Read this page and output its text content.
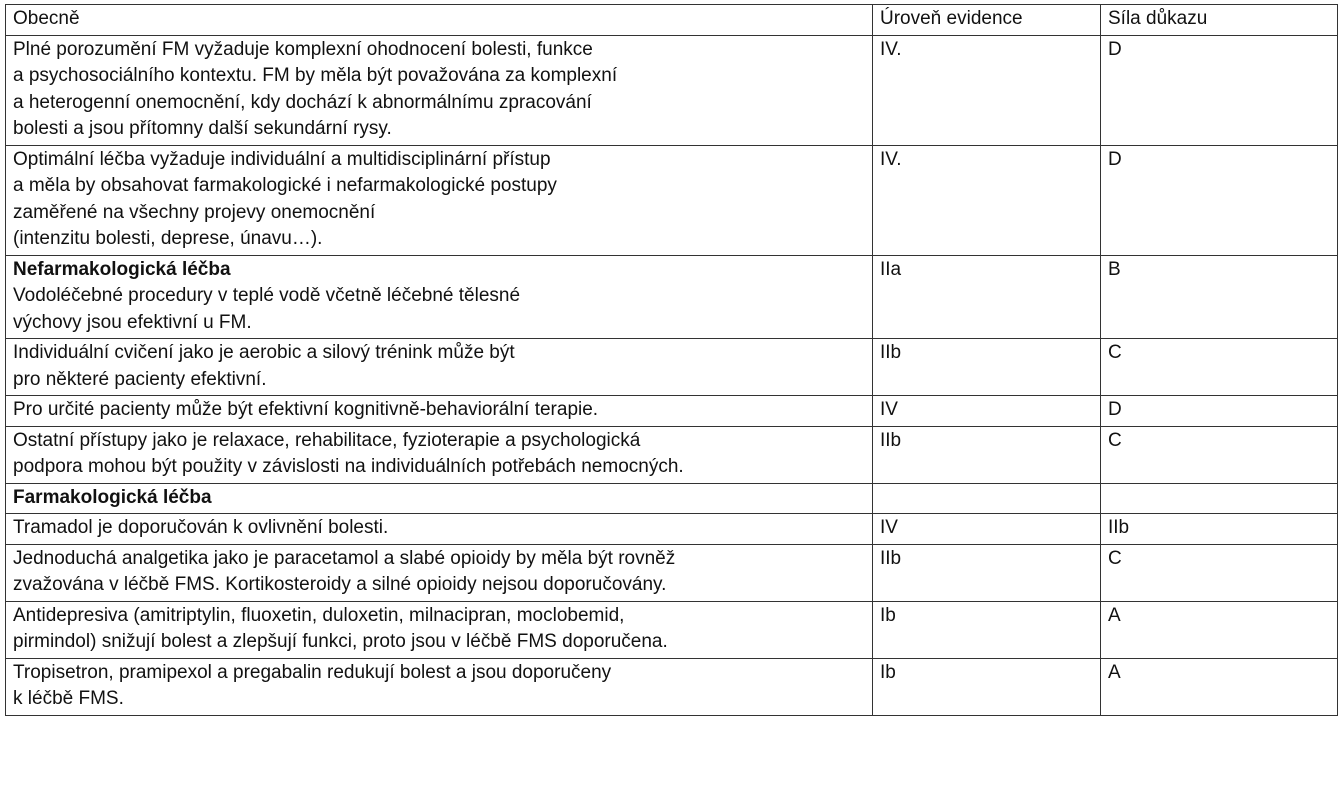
Obecně	Úroveň evidence	Síla důkazu

Plné porozumění FM vyžaduje komplexní ohodnocení bolesti, funkce
a psychosociálního kontextu. FM by měla být považována za komplexní
a heterogenní onemocnění, kdy dochází k abnormálnímu zpracování
bolesti a jsou přítomny další sekundární rysy.	IV.	D

Optimální léčba vyžaduje individuální a multidisciplinární přístup
a měla by obsahovat farmakologické i nefarmakologické postupy
zaměřené na všechny projevy onemocnění
(intenzitu bolesti, deprese, únavu…).	IV.	D

Nefarmakologická léčba
Vodoléčebné procedury v teplé vodě včetně léčebné tělesné
výchovy jsou efektivní u FM.	IIa	B

Individuální cvičení jako je aerobic a silový trénink může být
pro některé pacienty efektivní.	IIb	C

Pro určité pacienty může být efektivní kognitivně-behaviorální terapie.	IV	D

Ostatní přístupy jako je relaxace, rehabilitace, fyzioterapie a psychologická
podpora mohou být použity v závislosti na individuálních potřebách nemocných.	IIb	C

Farmakologická léčba		

Tramadol je doporučován k ovlivnění bolesti.	IV	IIb

Jednoduchá analgetika jako je paracetamol a slabé opioidy by měla být rovněž
zvažována v léčbě FMS. Kortikosteroidy a silné opioidy nejsou doporučovány.	IIb	C

Antidepresiva (amitriptylin, fluoxetin, duloxetin, milnacipran, moclobemid,
pirmindol) snižují bolest a zlepšují funkci, proto jsou v léčbě FMS doporučena.	Ib	A

Tropisetron, pramipexol a pregabalin redukují bolest a jsou doporučeny
k léčbě FMS.	Ib	A
